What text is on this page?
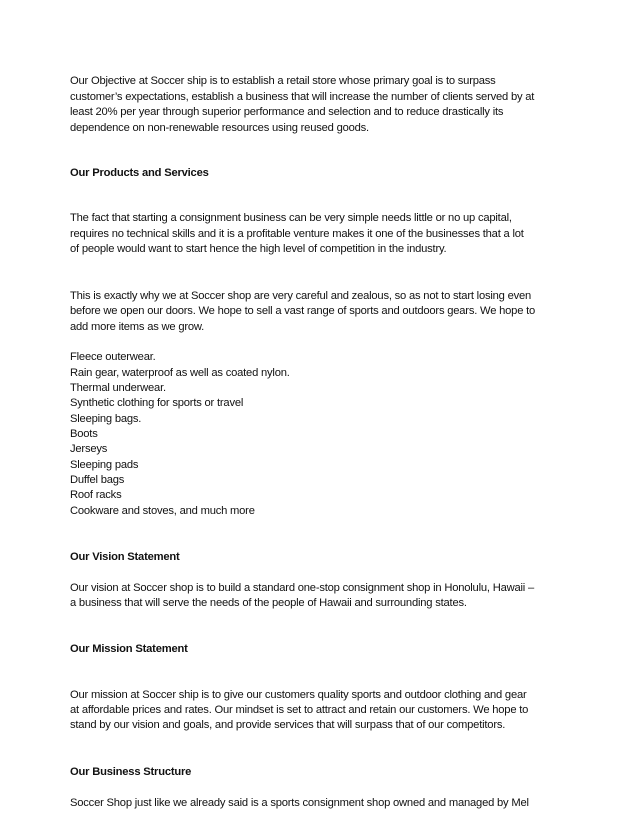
Our Objective at Soccer ship is to establish a retail store whose primary goal is to surpass
customer’s expectations, establish a business that will increase the number of clients served by at
least 20% per year through superior performance and selection and to reduce drastically its
dependence on non-renewable resources using reused goods.
Our Products and Services
The fact that starting a consignment business can be very simple needs little or no up capital,
requires no technical skills and it is a profitable venture makes it one of the businesses that a lot
of people would want to start hence the high level of competition in the industry.
This is exactly why we at Soccer shop are very careful and zealous, so as not to start losing even
before we open our doors. We hope to sell a vast range of sports and outdoors gears. We hope to
add more items as we grow.
Fleece outerwear.
Rain gear, waterproof as well as coated nylon.
Thermal underwear.
Synthetic clothing for sports or travel
Sleeping bags.
Boots
Jerseys
Sleeping pads
Duffel bags
Roof racks
Cookware and stoves, and much more
Our Vision Statement
Our vision at Soccer shop is to build a standard one-stop consignment shop in Honolulu, Hawaii –
a business that will serve the needs of the people of Hawaii and surrounding states.
Our Mission Statement
Our mission at Soccer ship is to give our customers quality sports and outdoor clothing and gear
at affordable prices and rates. Our mindset is set to attract and retain our customers. We hope to
stand by our vision and goals, and provide services that will surpass that of our competitors.
Our Business Structure
Soccer Shop just like we already said is a sports consignment shop owned and managed by Mel
